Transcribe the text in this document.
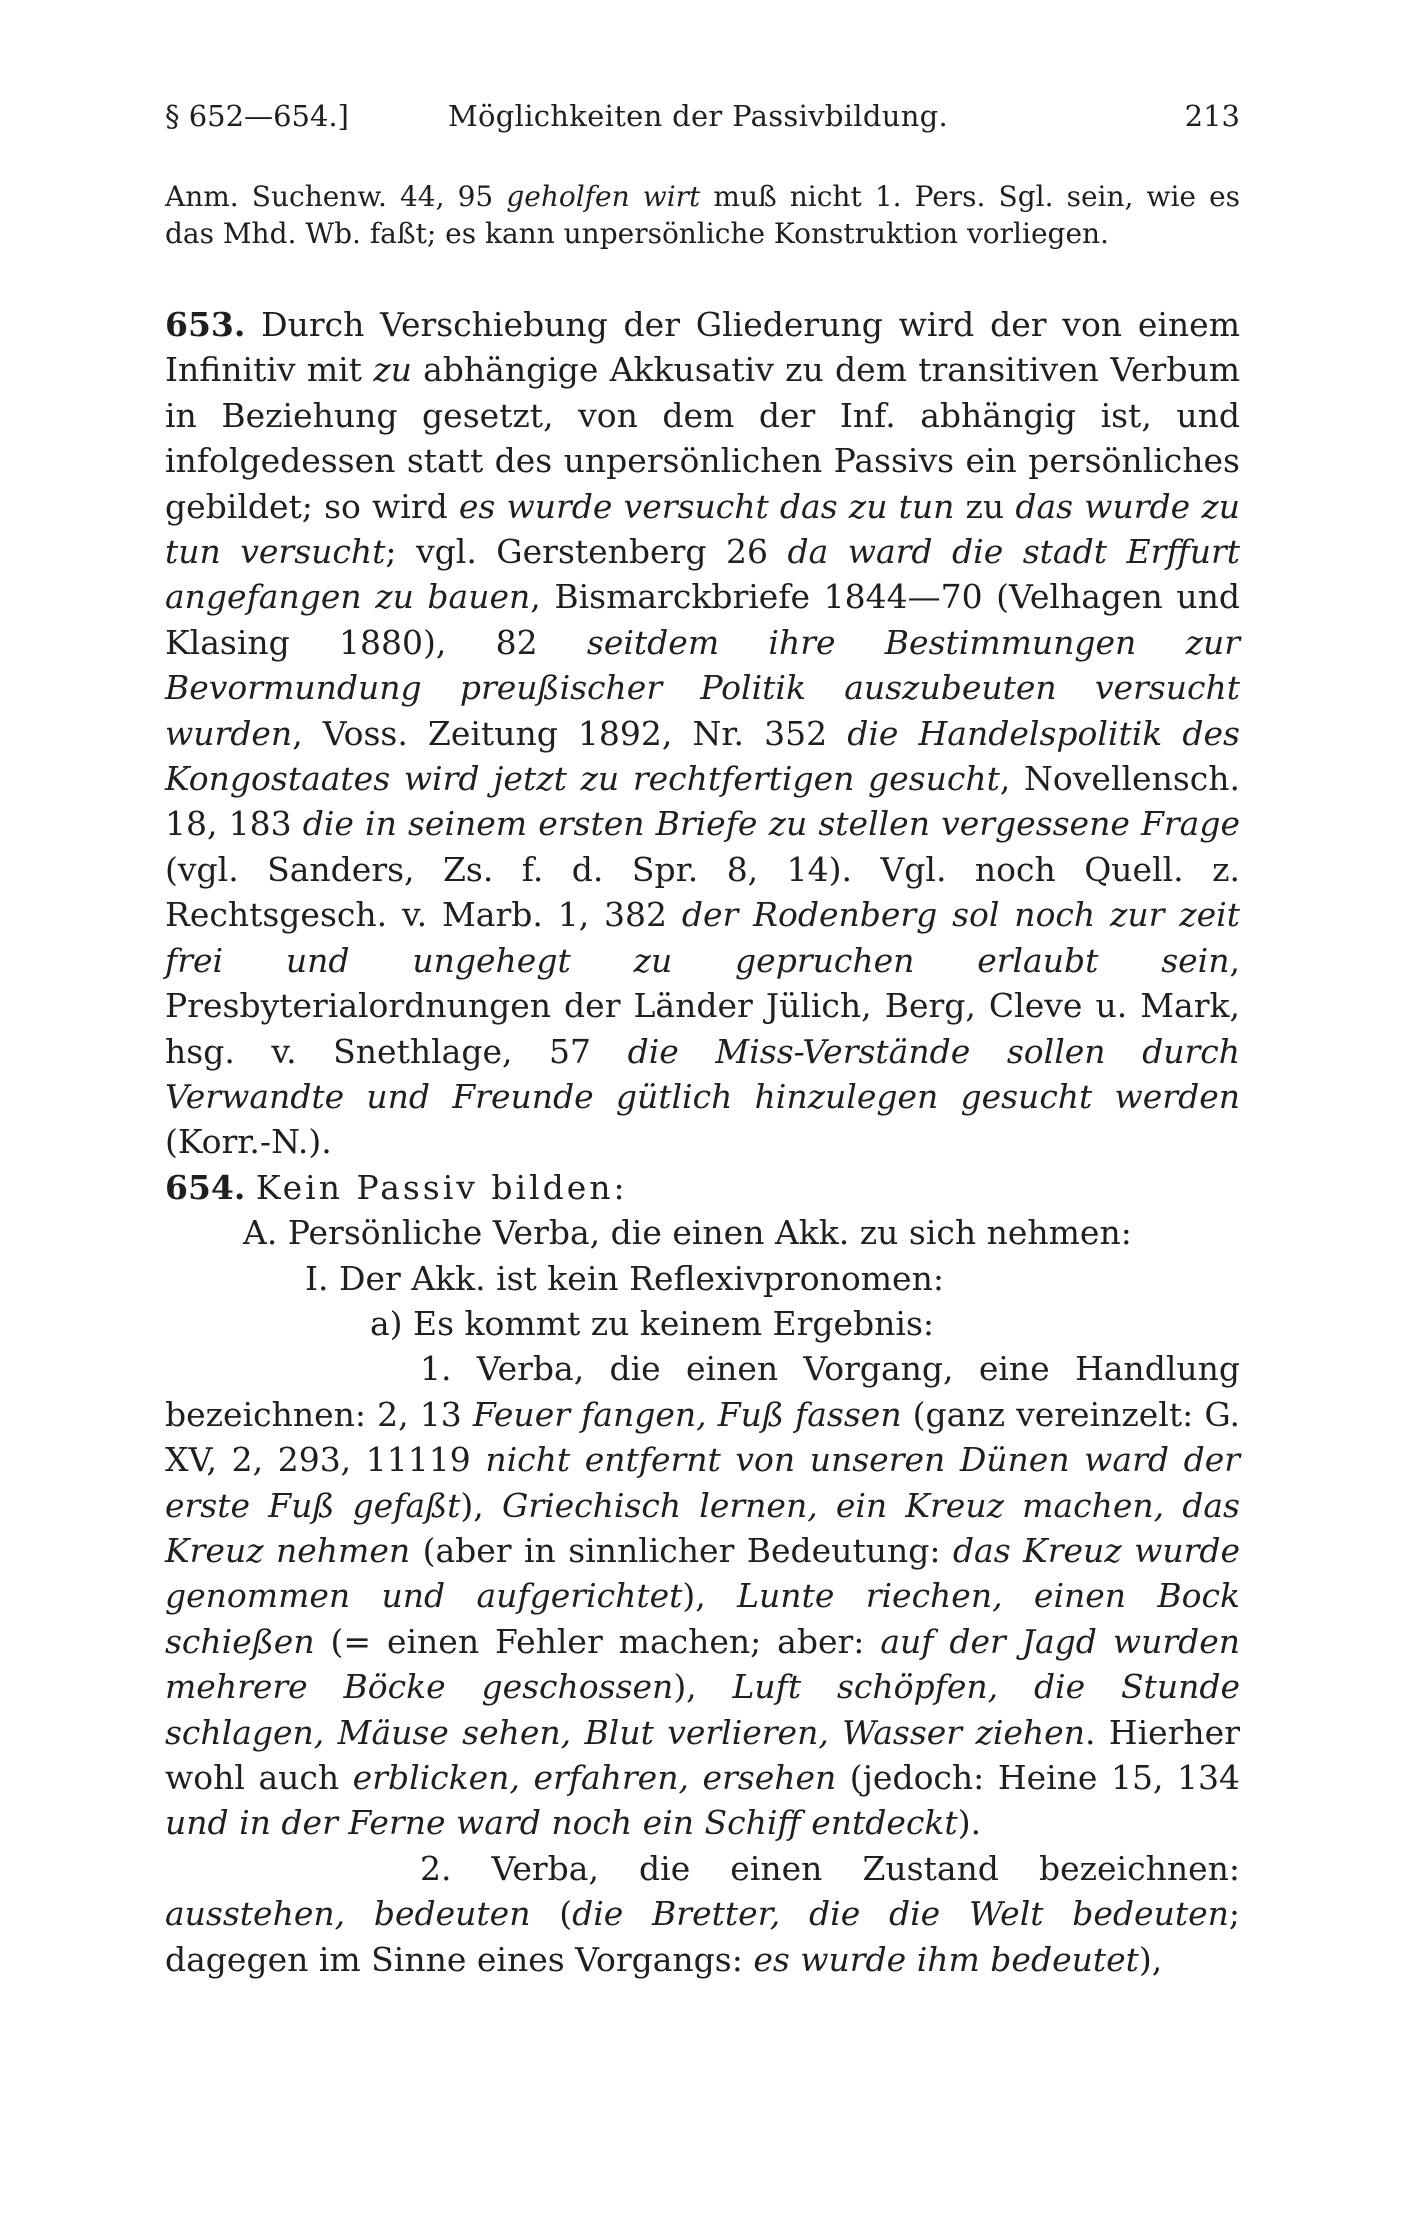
§ 652—654.]	Möglichkeiten der Passivbildung.	213
Anm. Suchenw. 44, 95 geholfen wirt muß nicht 1. Pers. Sgl. sein, wie es das Mhd. Wb. faßt; es kann unpersönliche Konstruktion vorliegen.

653. Durch Verschiebung der Gliederung wird der von einem Infinitiv mit zu abhängige Akkusativ zu dem transitiven Verbum in Beziehung gesetzt, von dem der Inf. abhängig ist, und infolgedessen statt des unpersönlichen Passivs ein persönliches gebildet; so wird es wurde versucht das zu tun zu das wurde zu tun versucht; vgl. Gerstenberg 26 da ward die stadt Erffurt angefangen zu bauen, Bismarckbriefe 1844—70 (Velhagen und Klasing 1880), 82 seitdem ihre Bestimmungen zur Bevormundung preußischer Politik auszubeuten versucht wurden, Voss. Zeitung 1892, Nr. 352 die Handelspolitik des Kongostaates wird jetzt zu rechtfertigen gesucht, Novellensch. 18, 183 die in seinem ersten Briefe zu stellen vergessene Frage (vgl. Sanders, Zs. f. d. Spr. 8, 14). Vgl. noch Quell. z. Rechtsgesch. v. Marb. 1, 382 der Rodenberg sol noch zur zeit frei und ungehegt zu gepruchen erlaubt sein, Presbyterialordnungen der Länder Jülich, Berg, Cleve u. Mark, hsg. v. Snethlage, 57 die Miss-Verstände sollen durch Verwandte und Freunde gütlich hinzulegen gesucht werden (Korr.-N.).

654. Kein Passiv bilden:

A. Persönliche Verba, die einen Akk. zu sich nehmen:

I. Der Akk. ist kein Reflexivpronomen:

a) Es kommt zu keinem Ergebnis:

1. Verba, die einen Vorgang, eine Handlung bezeichnen: 2, 13 Feuer fangen, Fuß fassen (ganz vereinzelt: G. XV, 2, 293, 11119 nicht entfernt von unseren Dünen ward der erste Fuß gefaßt), Griechisch lernen, ein Kreuz machen, das Kreuz nehmen (aber in sinnlicher Bedeutung: das Kreuz wurde genommen und aufgerichtet), Lunte riechen, einen Bock schießen (= einen Fehler machen; aber: auf der Jagd wurden mehrere Böcke geschossen), Luft schöpfen, die Stunde schlagen, Mäuse sehen, Blut verlieren, Wasser ziehen. Hierher wohl auch erblicken, erfahren, ersehen (jedoch: Heine 15, 134 und in der Ferne ward noch ein Schiff entdeckt).

2. Verba, die einen Zustand bezeichnen: ausstehen, bedeuten (die Bretter, die die Welt bedeuten; dagegen im Sinne eines Vorgangs: es wurde ihm bedeutet),
